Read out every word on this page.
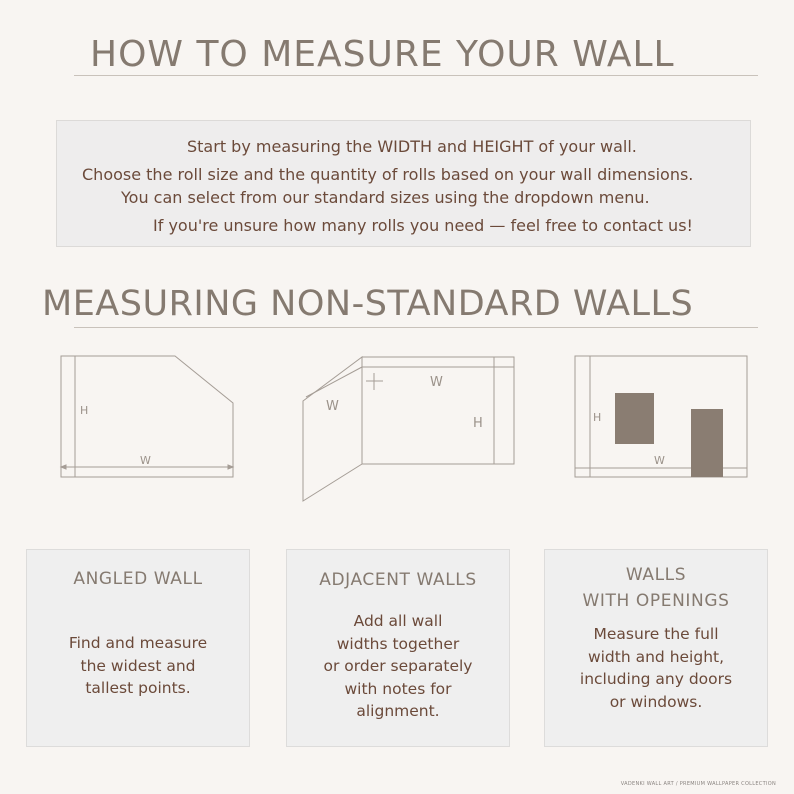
HOW TO MEASURE YOUR WALL
Start by measuring the WIDTH and HEIGHT of your wall.
Choose the roll size and the quantity of rolls based on your wall dimensions.
You can select from our standard sizes using the dropdown menu.
If you're unsure how many rolls you need — feel free to contact us!
MEASURING NON-STANDARD WALLS
H
W
W
W
H	H
W
ANGLED WALL
Find and measure
the widest and
tallest points.
ADJACENT WALLS
Add all wall
widths together
or order separately
with notes for
alignment.
WALLS
WITH OPENINGS
Measure the full
width and height,
including any doors
or windows.
VADENKI WALL ART / PREMIUM WALLPAPER COLLECTION
